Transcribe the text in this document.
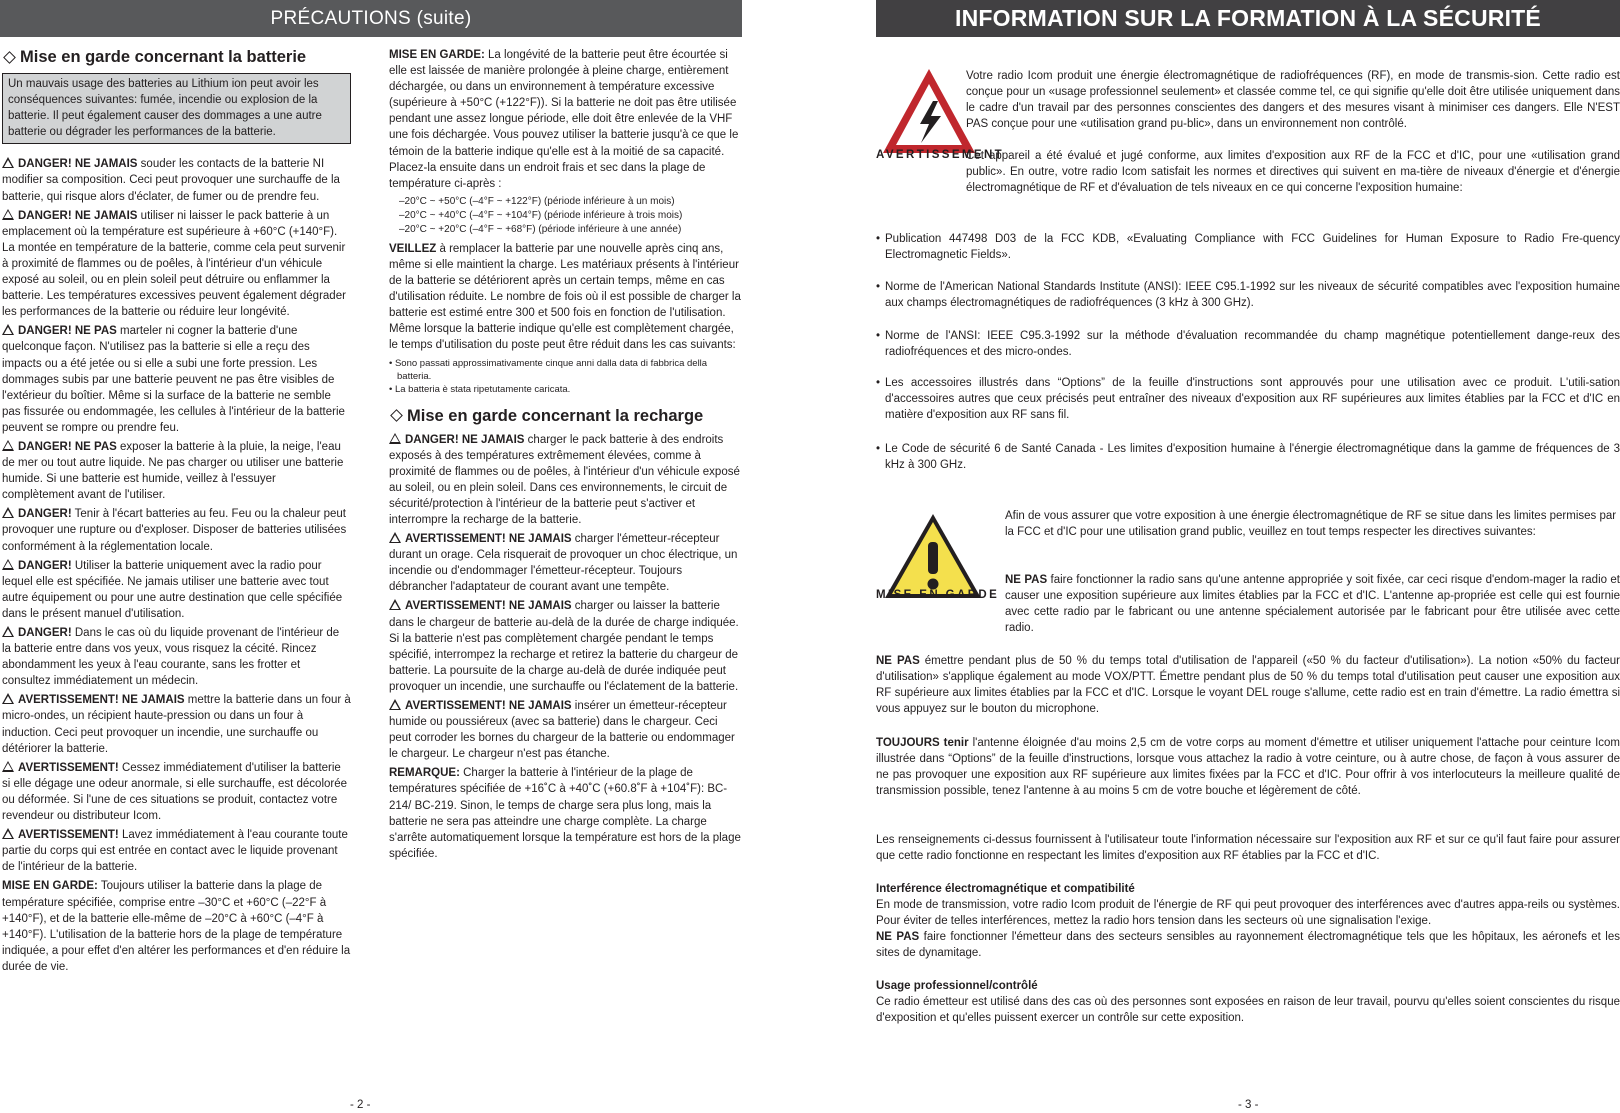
PRÉCAUTIONS (suite)
Mise en garde concernant la batterie
Un mauvais usage des batteries au Lithium ion peut avoir les conséquences suivantes: fumée, incendie ou explosion de la batterie. Il peut également causer des dommages a une autre batterie ou dégrader les performances de la batterie.
DANGER! NE JAMAIS souder les contacts de la batterie NI modifier sa composition. Ceci peut provoquer une surchauffe de la batterie, qui risque alors d'éclater, de fumer ou de prendre feu.
DANGER! NE JAMAIS utiliser ni laisser le pack batterie à un emplacement où la température est supérieure à +60°C (+140°F). La montée en température de la batterie, comme cela peut survenir à proximité de flammes ou de poêles, à l'intérieur d'un véhicule exposé au soleil, ou en plein soleil peut détruire ou enflammer la batterie. Les températures excessives peuvent également dégrader les performances de la batterie ou réduire leur longévité.
DANGER! NE PAS marteler ni cogner la batterie d'une quelconque façon. N'utilisez pas la batterie si elle a reçu des impacts ou a été jetée ou si elle a subi une forte pression. Les dommages subis par une batterie peuvent ne pas être visibles de l'extérieur du boîtier. Même si la surface de la batterie ne semble pas fissurée ou endommagée, les cellules à l'intérieur de la batterie peuvent se rompre ou prendre feu.
DANGER! NE PAS exposer la batterie à la pluie, la neige, l'eau de mer ou tout autre liquide. Ne pas charger ou utiliser une batterie humide. Si une batterie est humide, veillez à l'essuyer complètement avant de l'utiliser.
DANGER! Tenir à l'écart batteries au feu. Feu ou la chaleur peut provoquer une rupture ou d'exploser. Disposer de batteries utilisées conformément à la réglementation locale.
DANGER! Utiliser la batterie uniquement avec la radio pour lequel elle est spécifiée. Ne jamais utiliser une batterie avec tout autre équipement ou pour une autre destination que celle spécifiée dans le présent manuel d'utilisation.
DANGER! Dans le cas où du liquide provenant de l'intérieur de la batterie entre dans vos yeux, vous risquez la cécité. Rincez abondamment les yeux à l'eau courante, sans les frotter et consultez immédiatement un médecin.
AVERTISSEMENT! NE JAMAIS mettre la batterie dans un four à micro-ondes, un récipient haute-pression ou dans un four à induction. Ceci peut provoquer un incendie, une surchauffe ou détériorer la batterie.
AVERTISSEMENT! Cessez immédiatement d'utiliser la batterie si elle dégage une odeur anormale, si elle surchauffe, est décolorée ou déformée. Si l'une de ces situations se produit, contactez votre revendeur ou distributeur Icom.
AVERTISSEMENT! Lavez immédiatement à l'eau courante toute partie du corps qui est entrée en contact avec le liquide provenant de l'intérieur de la batterie.
MISE EN GARDE: Toujours utiliser la batterie dans la plage de température spécifiée, comprise entre –30°C et +60°C (–22°F à +140°F), et de la batterie elle-même de –20°C à +60°C (–4°F à +140°F). L'utilisation de la batterie hors de la plage de température indiquée, a pour effet d'en altérer les performances et d'en réduire la durée de vie.
MISE EN GARDE: La longévité de la batterie peut être écourtée si elle est laissée de manière prolongée à pleine charge, entièrement déchargée, ou dans un environnement à température excessive (supérieure à +50°C (+122°F)). Si la batterie ne doit pas être utilisée pendant une assez longue période, elle doit être enlevée de la VHF une fois déchargée. Vous pouvez utiliser la batterie jusqu'à ce que le témoin de la batterie indique qu'elle est à la moitié de sa capacité. Placez-la ensuite dans un endroit frais et sec dans la plage de température ci-après :
–20°C ~ +50°C (–4°F ~ +122°F) (période inférieure à un mois)
–20°C ~ +40°C (–4°F ~ +104°F) (période inférieure à trois mois)
–20°C ~ +20°C (–4°F ~ +68°F) (période inférieure à une année)
VEILLEZ à remplacer la batterie par une nouvelle après cinq ans, même si elle maintient la charge. Les matériaux présents à l'intérieur de la batterie se détériorent après un certain temps, même en cas d'utilisation réduite. Le nombre de fois où il est possible de charger la batterie est estimé entre 300 et 500 fois en fonction de l'utilisation. Même lorsque la batterie indique qu'elle est complètement chargée, le temps d'utilisation du poste peut être réduit dans les cas suivants:
• Sono passati approssimativamente cinque anni dalla data di fabbrica della batteria.
• La batteria è stata ripetutamente caricata.
Mise en garde concernant la recharge
DANGER! NE JAMAIS charger le pack batterie à des endroits exposés à des températures extrêmement élevées, comme à proximité de flammes ou de poêles, à l'intérieur d'un véhicule exposé au soleil, ou en plein soleil. Dans ces environnements, le circuit de sécurité/protection à l'intérieur de la batterie peut s'activer et interrompre la recharge de la batterie.
AVERTISSEMENT! NE JAMAIS charger l'émetteur-récepteur durant un orage. Cela risquerait de provoquer un choc électrique, un incendie ou d'endommager l'émetteur-récepteur. Toujours débrancher l'adaptateur de courant avant une tempête.
AVERTISSEMENT! NE JAMAIS charger ou laisser la batterie dans le chargeur de batterie au-delà de la durée de charge indiquée. Si la batterie n'est pas complètement chargée pendant le temps spécifié, interrompez la recharge et retirez la batterie du chargeur de batterie. La poursuite de la charge au-delà de durée indiquée peut provoquer un incendie, une surchauffe ou l'éclatement de la batterie.
AVERTISSEMENT! NE JAMAIS insérer un émetteur-récepteur humide ou poussiéreux (avec sa batterie) dans le chargeur. Ceci peut corroder les bornes du chargeur de la batterie ou endommager le chargeur. Le chargeur n'est pas étanche.
REMARQUE: Charger la batterie à l'intérieur de la plage de températures spécifiée de +16˚C à +40˚C (+60.8˚F à +104˚F): BC-214/ BC-219. Sinon, le temps de charge sera plus long, mais la batterie ne sera pas atteindre une charge complète. La charge s'arrête automatiquement lorsque la température est hors de la plage spécifiée.
- 2 -
INFORMATION SUR LA FORMATION À LA SÉCURITÉ
AVERTISSEMENT
Votre radio Icom produit une énergie électromagnétique de radiofréquences (RF), en mode de transmis-sion. Cette radio est conçue pour un «usage professionnel seulement» et classée comme tel, ce qui signifie qu'elle doit être utilisée uniquement dans le cadre d'un travail par des personnes conscientes des dangers et des mesures visant à minimiser ces dangers. Elle N'EST PAS conçue pour une «utilisation grand pu-blic», dans un environnement non contrôlé.
Cet appareil a été évalué et jugé conforme, aux limites d'exposition aux RF de la FCC et d'IC, pour une «utilisation grand public». En outre, votre radio Icom satisfait les normes et directives qui suivent en ma-tière de niveaux d'énergie et d'énergie électromagnétique de RF et d'évaluation de tels niveaux en ce qui concerne l'exposition humaine:
• Publication 447498 D03 de la FCC KDB, «Evaluating Compliance with FCC Guidelines for Human Exposure to Radio Fre-quency Electromagnetic Fields».
• Norme de l'American National Standards Institute (ANSI): IEEE C95.1-1992 sur les niveaux de sécurité compatibles avec l'exposition humaine aux champs électromagnétiques de radiofréquences (3 kHz à 300 GHz).
• Norme de l'ANSI: IEEE C95.3-1992 sur la méthode d'évaluation recommandée du champ magnétique potentiellement dange-reux des radiofréquences et des micro-ondes.
• Les accessoires illustrés dans “Options” de la feuille d'instructions sont approuvés pour une utilisation avec ce produit. L'utili-sation d'accessoires autres que ceux précisés peut entraîner des niveaux d'exposition aux RF supérieures aux limites établies par la FCC et d'IC en matière d'exposition aux RF sans fil.
• Le Code de sécurité 6 de Santé Canada - Les limites d'exposition humaine à l'énergie électromagnétique dans la gamme de fréquences de 3 kHz à 300 GHz.
MISE EN GARDE
Afin de vous assurer que votre exposition à une énergie électromagnétique de RF se situe dans les limites permises par la FCC et d'IC pour une utilisation grand public, veuillez en tout temps respecter les directives suivantes:
NE PAS faire fonctionner la radio sans qu'une antenne appropriée y soit fixée, car ceci risque d'endom-mager la radio et causer une exposition supérieure aux limites établies par la FCC et d'IC. L'antenne ap-propriée est celle qui est fournie avec cette radio par le fabricant ou une antenne spécialement autorisée par le fabricant pour être utilisée avec cette radio.
NE PAS émettre pendant plus de 50 % du temps total d'utilisation de l'appareil («50 % du facteur d'utilisation»). La notion «50% du facteur d'utilisation» s'applique également au mode VOX/PTT. Émettre pendant plus de 50 % du temps total d'utilisation peut causer une exposition aux RF supérieure aux limites établies par la FCC et d'IC. Lorsque le voyant DEL rouge s'allume, cette radio est en train d'émettre. La radio émettra si vous appuyez sur le bouton du microphone.
TOUJOURS tenir l'antenne éloignée d'au moins 2,5 cm de votre corps au moment d'émettre et utiliser uniquement l'attache pour ceinture Icom illustrée dans “Options” de la feuille d'instructions, lorsque vous attachez la radio à votre ceinture, ou à autre chose, de façon à vous assurer de ne pas provoquer une exposition aux RF supérieure aux limites fixées par la FCC et d'IC. Pour offrir à vos interlocuteurs la meilleure qualité de transmission possible, tenez l'antenne à au moins 5 cm de votre bouche et légèrement de côté.
Les renseignements ci-dessus fournissent à l'utilisateur toute l'information nécessaire sur l'exposition aux RF et sur ce qu'il faut faire pour assurer que cette radio fonctionne en respectant les limites d'exposition aux RF établies par la FCC et d'IC.
Interférence électromagnétique et compatibilité
En mode de transmission, votre radio Icom produit de l'énergie de RF qui peut provoquer des interférences avec d'autres appa-reils ou systèmes. Pour éviter de telles interférences, mettez la radio hors tension dans les secteurs où une signalisation l'exige.
NE PAS faire fonctionner l'émetteur dans des secteurs sensibles au rayonnement électromagnétique tels que les hôpitaux, les aéronefs et les sites de dynamitage.
Usage professionnel/contrôlé
Ce radio émetteur est utilisé dans des cas où des personnes sont exposées en raison de leur travail, pourvu qu'elles soient conscientes du risque d'exposition et qu'elles puissent exercer un contrôle sur cette exposition.
- 3 -
